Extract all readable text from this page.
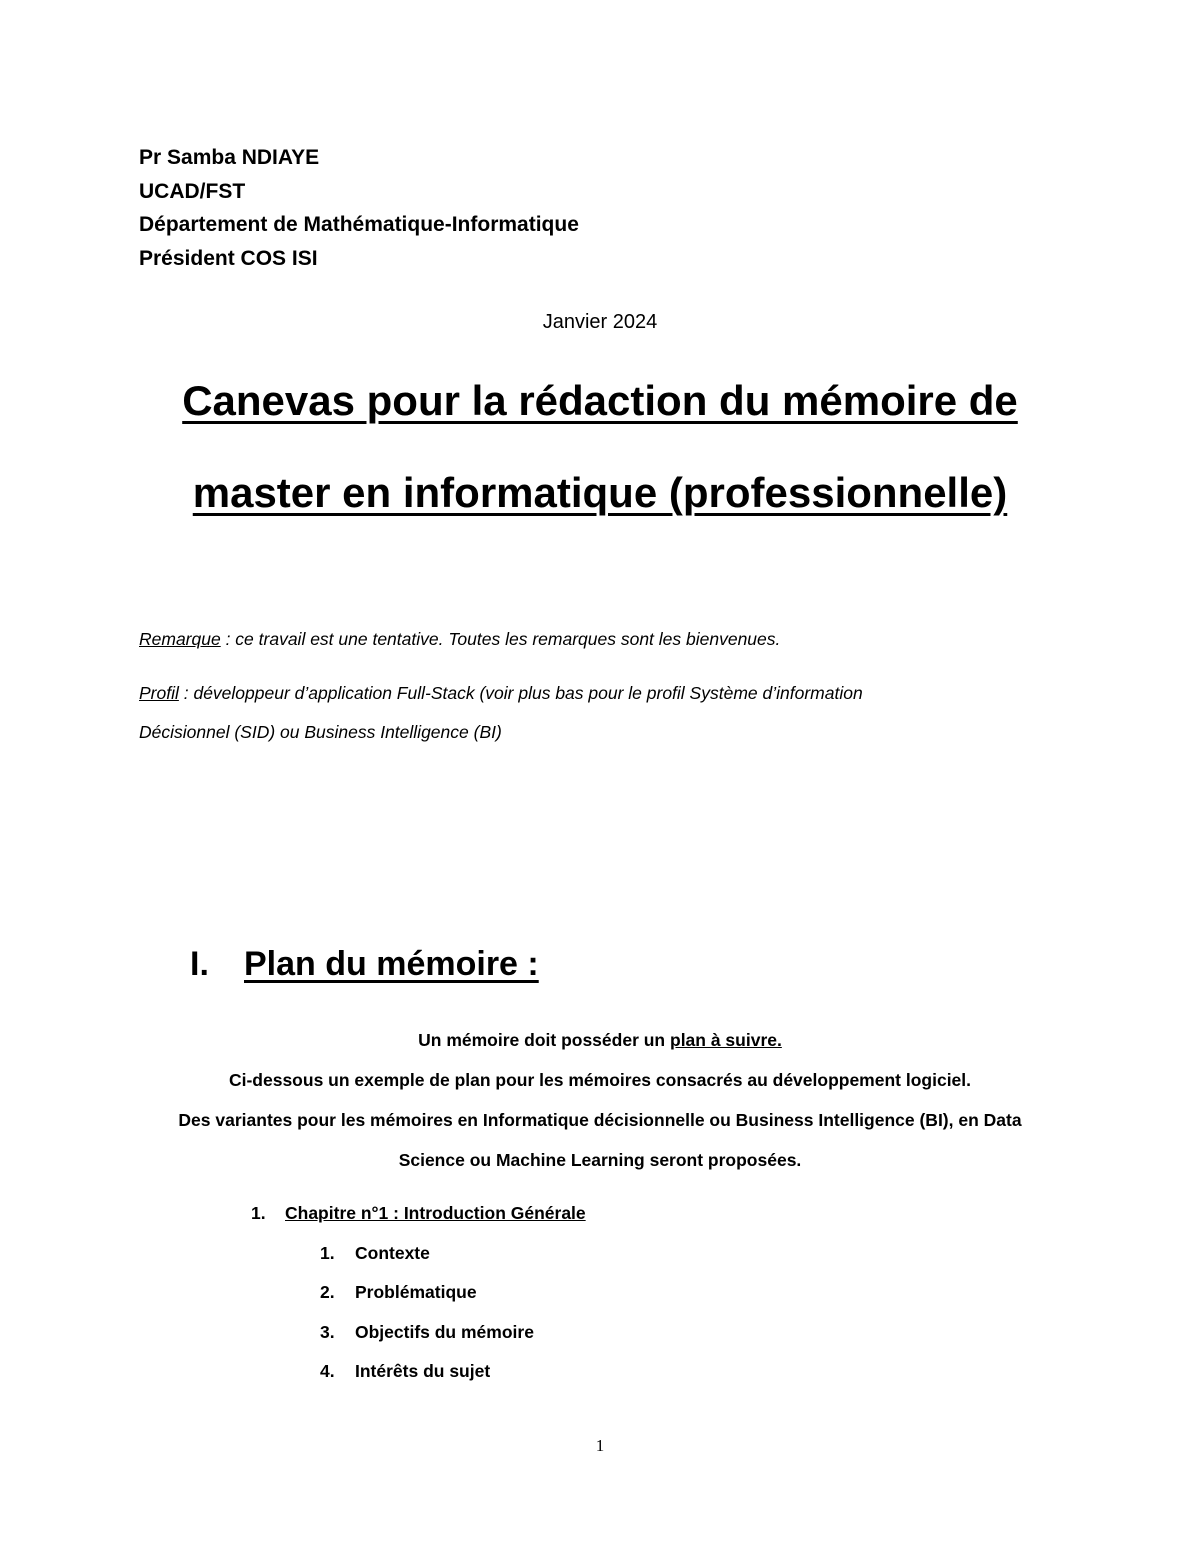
Pr Samba NDIAYE
UCAD/FST
Département de Mathématique-Informatique
Président COS ISI
Janvier 2024
Canevas pour la rédaction du mémoire de
master en informatique (professionnelle)
Remarque : ce travail est une tentative. Toutes les remarques sont les bienvenues.
Profil : développeur d’application Full-Stack (voir plus bas pour le profil Système d’information
Décisionnel (SID) ou Business Intelligence (BI)
I. Plan du mémoire :
Un mémoire doit posséder un plan à suivre.
Ci-dessous un exemple de plan pour les mémoires consacrés au développement logiciel.
Des variantes pour les mémoires en Informatique décisionnelle ou Business Intelligence (BI), en Data
Science ou Machine Learning seront proposées.
1. Chapitre n°1 : Introduction Générale
1. Contexte
2. Problématique
3. Objectifs du mémoire
4. Intérêts du sujet
1
